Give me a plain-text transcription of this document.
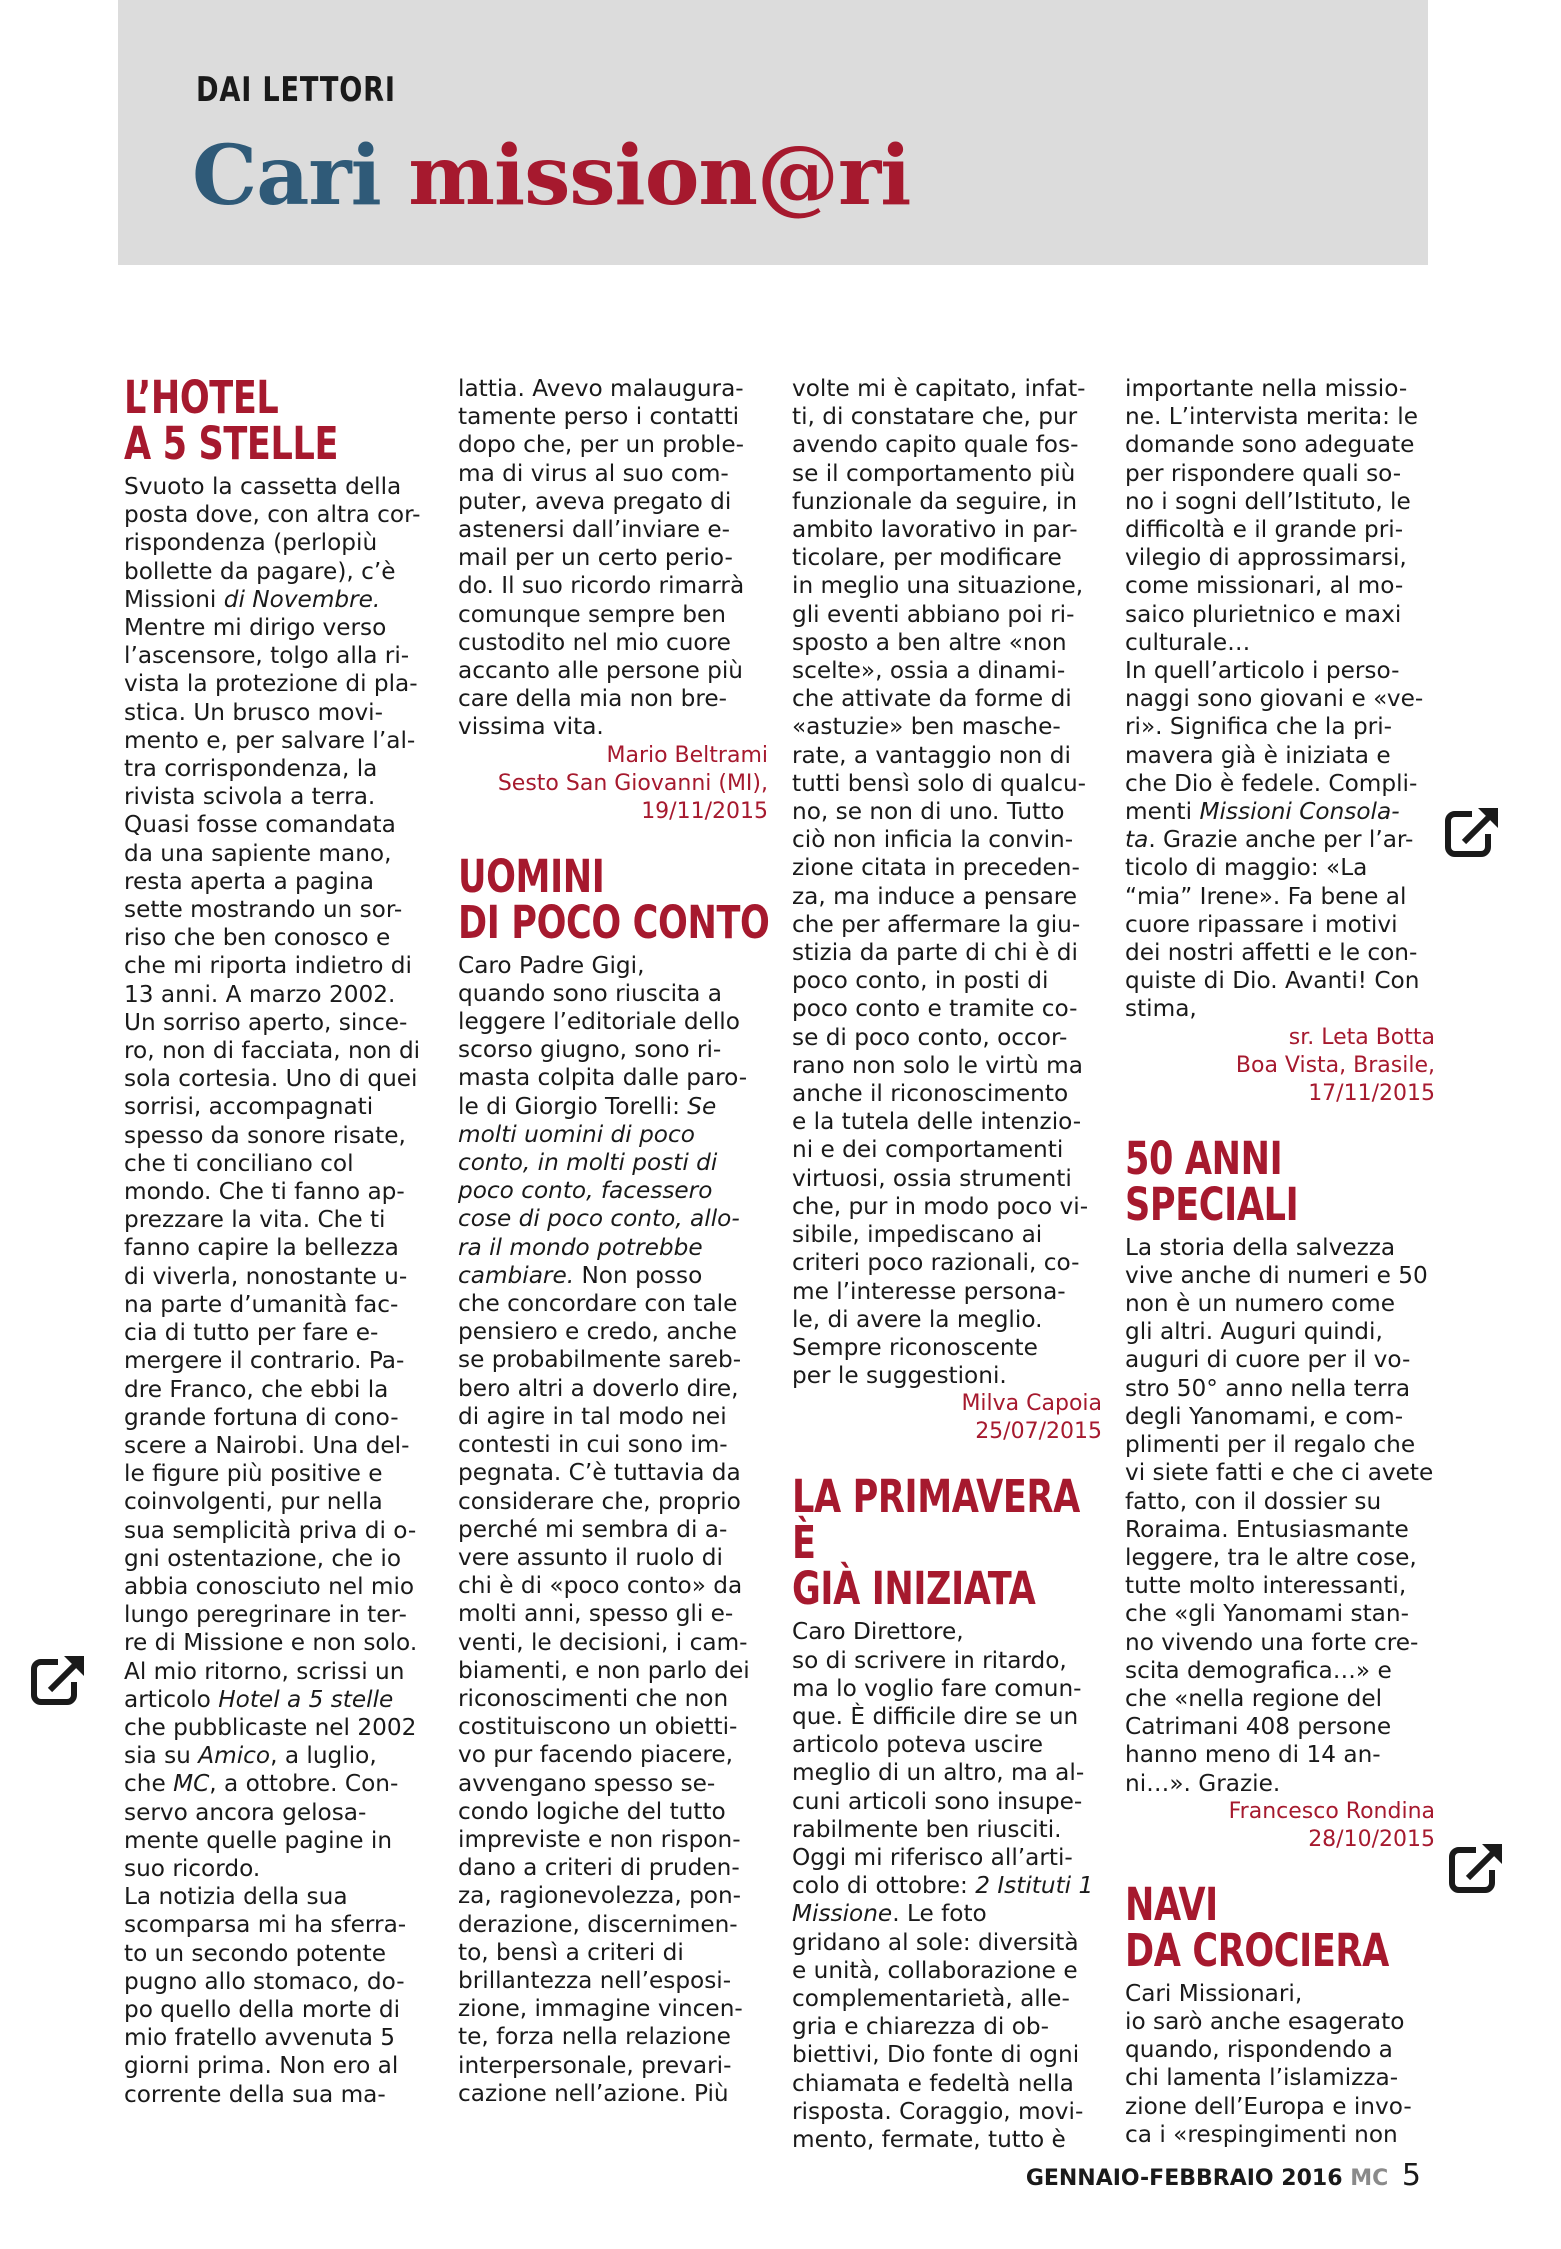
DAI LETTORI
Cari mission@ri
L’HOTEL
A 5 STELLE

Svuoto la cassetta della

posta dove, con altra cor-

rispondenza (perlopiù

bollette da pagare), c’è

Missioni di Novembre.

Mentre mi dirigo verso

l’ascensore, tolgo alla ri-

vista la protezione di pla-

stica. Un brusco movi-

mento e, per salvare l’al-

tra corrispondenza, la

rivista scivola a terra.

Quasi fosse comandata

da una sapiente mano,

resta aperta a pagina

sette mostrando un sor-

riso che ben conosco e

che mi riporta indietro di

13 anni. A marzo 2002.

Un sorriso aperto, since-

ro, non di facciata, non di

sola cortesia. Uno di quei

sorrisi, accompagnati

spesso da sonore risate,

che ti conciliano col

mondo. Che ti fanno ap-

prezzare la vita. Che ti

fanno capire la bellezza

di viverla, nonostante u-

na parte d’umanità fac-

cia di tutto per fare e-

mergere il contrario. Pa-

dre Franco, che ebbi la

grande fortuna di cono-

scere a Nairobi. Una del-

le figure più positive e

coinvolgenti, pur nella

sua semplicità priva di o-

gni ostentazione, che io

abbia conosciuto nel mio

lungo peregrinare in ter-

re di Missione e non solo.

Al mio ritorno, scrissi un

articolo Hotel a 5 stelle

che pubblicaste nel 2002

sia su Amico, a luglio,

che MC, a ottobre. Con-

servo ancora gelosa-

mente quelle pagine in

suo ricordo.

La notizia della sua

scomparsa mi ha sferra-

to un secondo potente

pugno allo stomaco, do-

po quello della morte di

mio fratello avvenuta 5

giorni prima. Non ero al

corrente della sua ma-

lattia. Avevo malaugura-

tamente perso i contatti

dopo che, per un proble-

ma di virus al suo com-

puter, aveva pregato di

astenersi dall’inviare e-

mail per un certo perio-

do. Il suo ricordo rimarrà

comunque sempre ben

custodito nel mio cuore

accanto alle persone più

care della mia non bre-

vissima vita.

Mario Beltrami
Sesto San Giovanni (MI),
19/11/2015
UOMINI
DI POCO CONTO

Caro Padre Gigi,

quando sono riuscita a

leggere l’editoriale dello

scorso giugno, sono ri-

masta colpita dalle paro-

le di Giorgio Torelli: Se

molti uomini di poco

conto, in molti posti di

poco conto, facessero

cose di poco conto, allo-

ra il mondo potrebbe

cambiare. Non posso

che concordare con tale

pensiero e credo, anche

se probabilmente sareb-

bero altri a doverlo dire,

di agire in tal modo nei

contesti in cui sono im-

pegnata. C’è tuttavia da

considerare che, proprio

perché mi sembra di a-

vere assunto il ruolo di

chi è di «poco conto» da

molti anni, spesso gli e-

venti, le decisioni, i cam-

biamenti, e non parlo dei

riconoscimenti che non

costituiscono un obietti-

vo pur facendo piacere,

avvengano spesso se-

condo logiche del tutto

impreviste e non rispon-

dano a criteri di pruden-

za, ragionevolezza, pon-

derazione, discernimen-

to, bensì a criteri di

brillantezza nell’esposi-

zione, immagine vincen-

te, forza nella relazione

interpersonale, prevari-

cazione nell’azione. Più

volte mi è capitato, infat-

ti, di constatare che, pur

avendo capito quale fos-

se il comportamento più

funzionale da seguire, in

ambito lavorativo in par-

ticolare, per modificare

in meglio una situazione,

gli eventi abbiano poi ri-

sposto a ben altre «non

scelte», ossia a dinami-

che attivate da forme di

«astuzie» ben masche-

rate, a vantaggio non di

tutti bensì solo di qualcu-

no, se non di uno. Tutto

ciò non inficia la convin-

zione citata in preceden-

za, ma induce a pensare

che per affermare la giu-

stizia da parte di chi è di

poco conto, in posti di

poco conto e tramite co-

se di poco conto, occor-

rano non solo le virtù ma

anche il riconoscimento

e la tutela delle intenzio-

ni e dei comportamenti

virtuosi, ossia strumenti

che, pur in modo poco vi-

sibile, impediscano ai

criteri poco razionali, co-

me l’interesse persona-

le, di avere la meglio.

Sempre riconoscente

per le suggestioni.

Milva Capoia
25/07/2015
LA PRIMAVERA È
GIÀ INIZIATA

Caro Direttore,

so di scrivere in ritardo,

ma lo voglio fare comun-

que. È difficile dire se un

articolo poteva uscire

meglio di un altro, ma al-

cuni articoli sono insupe-

rabilmente ben riusciti.

Oggi mi riferisco all’arti-

colo di ottobre: 2 Istituti 1

Missione. Le foto

gridano al sole: diversità

e unità, collaborazione e

complementarietà, alle-

gria e chiarezza di ob-

biettivi, Dio fonte di ogni

chiamata e fedeltà nella

risposta. Coraggio, movi-

mento, fermate, tutto è

importante nella missio-

ne. L’intervista merita: le

domande sono adeguate

per rispondere quali so-

no i sogni dell’Istituto, le

difficoltà e il grande pri-

vilegio di approssimarsi,

come missionari, al mo-

saico plurietnico e maxi

culturale…

In quell’articolo i perso-

naggi sono giovani e «ve-

ri». Significa che la pri-

mavera già è iniziata e

che Dio è fedele. Compli-

menti Missioni Consola-

ta. Grazie anche per l’ar-

ticolo di maggio: «La

“mia” Irene». Fa bene al

cuore ripassare i motivi

dei nostri affetti e le con-

quiste di Dio. Avanti! Con

stima,

sr. Leta Botta
Boa Vista, Brasile,
17/11/2015
50 ANNI SPECIALI

La storia della salvezza

vive anche di numeri e 50

non è un numero come

gli altri. Auguri quindi,

auguri di cuore per il vo-

stro 50° anno nella terra

degli Yanomami, e com-

plimenti per il regalo che

vi siete fatti e che ci avete

fatto, con il dossier su

Roraima. Entusiasmante

leggere, tra le altre cose,

tutte molto interessanti,

che «gli Yanomami stan-

no vivendo una forte cre-

scita demografica…» e

che «nella regione del

Catrimani 408 persone

hanno meno di 14 an-

ni…». Grazie.

Francesco Rondina
28/10/2015
NAVI
DA CROCIERA

Cari Missionari,

io sarò anche esagerato

quando, rispondendo a

chi lamenta l’islamizza-

zione dell’Europa e invo-

ca i «respingimenti non

GENNAIO-FEBBRAIO 2016 MC 5
